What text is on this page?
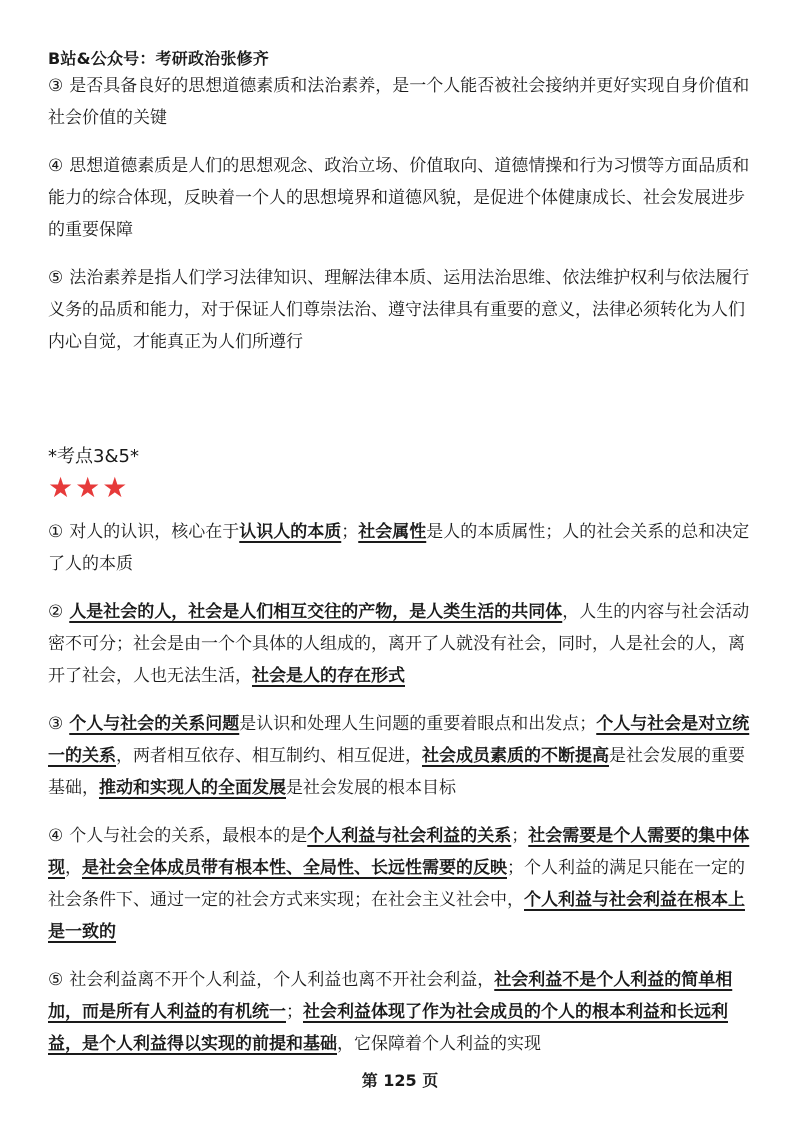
B站&公众号：考研政治张修齐

③ 是否具备良好的思想道德素质和法治素养，是一个人能否被社会接纳并更好实现自身价值和社会价值的关键

④ 思想道德素质是人们的思想观念、政治立场、价值取向、道德情操和行为习惯等方面品质和能力的综合体现，反映着一个人的思想境界和道德风貌，是促进个体健康成长、社会发展进步的重要保障

⑤ 法治素养是指人们学习法律知识、理解法律本质、运用法治思维、依法维护权利与依法履行义务的品质和能力，对于保证人们尊崇法治、遵守法律具有重要的意义，法律必须转化为人们内心自觉，才能真正为人们所遵行

*考点3&5*
★★★

① 对人的认识，核心在于认识人的本质；社会属性是人的本质属性；人的社会关系的总和决定了人的本质

② 人是社会的人，社会是人们相互交往的产物，是人类生活的共同体，人生的内容与社会活动密不可分；社会是由一个个具体的人组成的，离开了人就没有社会，同时，人是社会的人，离开了社会，人也无法生活，社会是人的存在形式

③ 个人与社会的关系问题是认识和处理人生问题的重要着眼点和出发点；个人与社会是对立统一的关系，两者相互依存、相互制约、相互促进，社会成员素质的不断提高是社会发展的重要基础，推动和实现人的全面发展是社会发展的根本目标

④ 个人与社会的关系，最根本的是个人利益与社会利益的关系；社会需要是个人需要的集中体现，是社会全体成员带有根本性、全局性、长远性需要的反映；个人利益的满足只能在一定的社会条件下、通过一定的社会方式来实现；在社会主义社会中，个人利益与社会利益在根本上是一致的

⑤ 社会利益离不开个人利益，个人利益也离不开社会利益，社会利益不是个人利益的简单相加，而是所有人利益的有机统一；社会利益体现了作为社会成员的个人的根本利益和长远利益，是个人利益得以实现的前提和基础，它保障着个人利益的实现

第 125 页
